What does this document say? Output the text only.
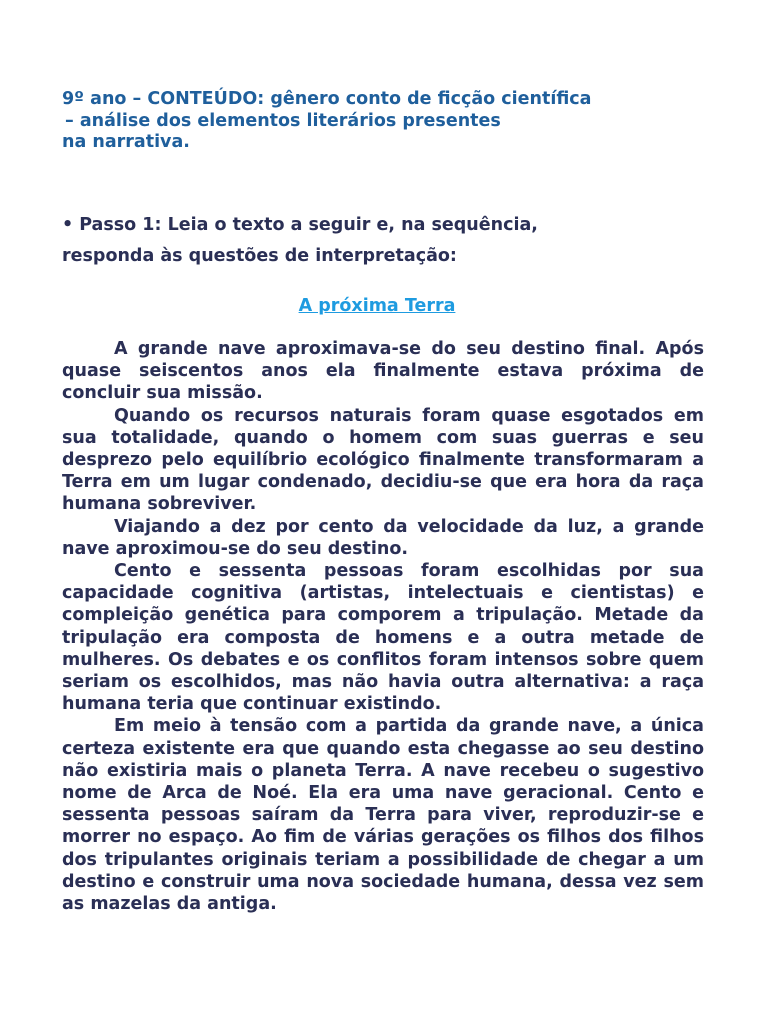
9º ano – CONTEÚDO: gênero conto de ficção científica
– análise dos elementos literários presentes
na narrativa.
• Passo 1: Leia o texto a seguir e, na sequência,
responda às questões de interpretação:
A próxima Terra

A grande nave aproximava-se do seu destino final. Após quase seiscentos anos ela finalmente estava próxima de concluir sua missão.

Quando os recursos naturais foram quase esgotados em sua totalidade, quando o homem com suas guerras e seu desprezo pelo equilíbrio ecológico finalmente transformaram a Terra em um lugar condenado, decidiu-se que era hora da raça humana sobreviver.

Viajando a dez por cento da velocidade da luz, a grande nave aproximou-se do seu destino.

Cento e sessenta pessoas foram escolhidas por sua capacidade cognitiva (artistas, intelectuais e cientistas) e compleição genética para comporem a tripulação. Metade da tripulação era composta de homens e a outra metade de mulheres. Os debates e os conflitos foram intensos sobre quem seriam os escolhidos, mas não havia outra alternativa: a raça humana teria que continuar existindo.

Em meio à tensão com a partida da grande nave, a única certeza existente era que quando esta chegasse ao seu destino não existiria mais o planeta Terra. A nave recebeu o sugestivo nome de Arca de Noé. Ela era uma nave geracional. Cento e sessenta pessoas saíram da Terra para viver, reproduzir-se e morrer no espaço. Ao fim de várias gerações os filhos dos filhos dos tripulantes originais teriam a possibilidade de chegar a um destino e construir uma nova sociedade humana, dessa vez sem as mazelas da antiga.
